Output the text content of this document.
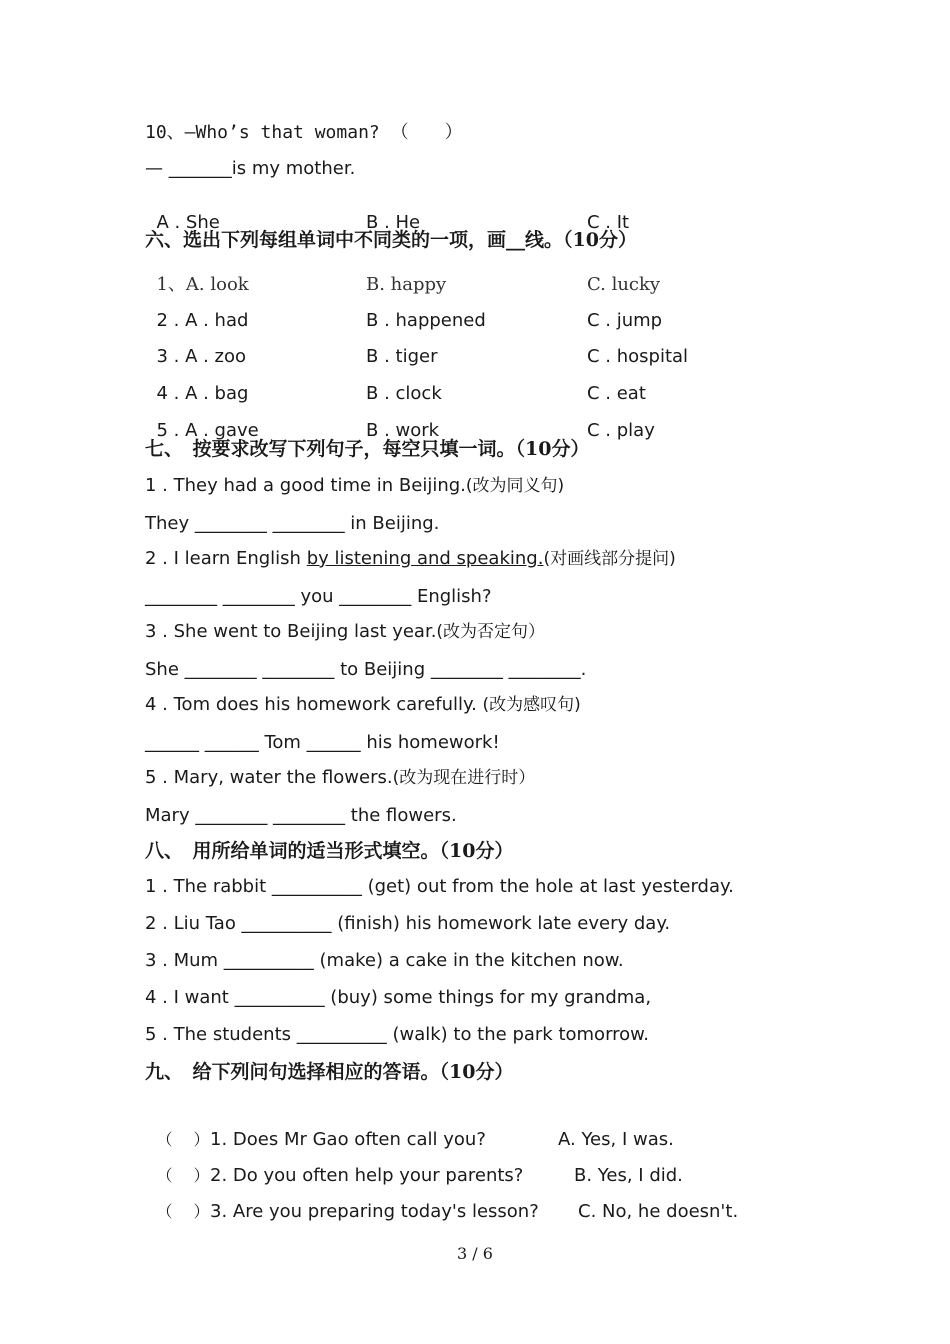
10、—Who’s that woman? （　　）
— _______is my mother.

A . She	B . He	C . It

六、选出下列每组单词中不同类的一项，画__线。（10分）

1、A. look	B. happy	C. lucky

2 . A . had	B . happened	C . jump

3 . A . zoo	B . tiger	C . hospital

4 . A . bag	B . clock	C . eat

5 . A . gave	B . work	C . play

七、　按要求改写下列句子，每空只填一词。（10分）
1 . They had a good time in Beijing.(改为同义句)
They ________ ________ in Beijing.
2 . I learn English by listening and speaking.(对画线部分提问)
________ ________ you ________ English?
3 . She went to Beijing last year.(改为否定句）
She ________ ________ to Beijing ________ ________.
4 . Tom does his homework carefully. (改为感叹句)
______ ______ Tom ______ his homework!
5 . Mary, water the flowers.(改为现在进行时）
Mary ________ ________ the flowers.
八、　用所给单词的适当形式填空。（10分）
1 . The rabbit __________ (get) out from the hole at last yesterday.
2 . Liu Tao __________ (finish) his homework late every day.
3 . Mum __________ (make) a cake in the kitchen now.
4 . I want __________ (buy) some things for my grandma,
5 . The students __________ (walk) to the park tomorrow.
九、　给下列问句选择相应的答语。（10分）

（　 ） 1. Does Mr Gao often call you?	A. Yes, I was.

（　 ） 2. Do you often help your parents?	B. Yes, I did.

（　 ） 3. Are you preparing today's lesson? C. No, he doesn't.

3 / 6
